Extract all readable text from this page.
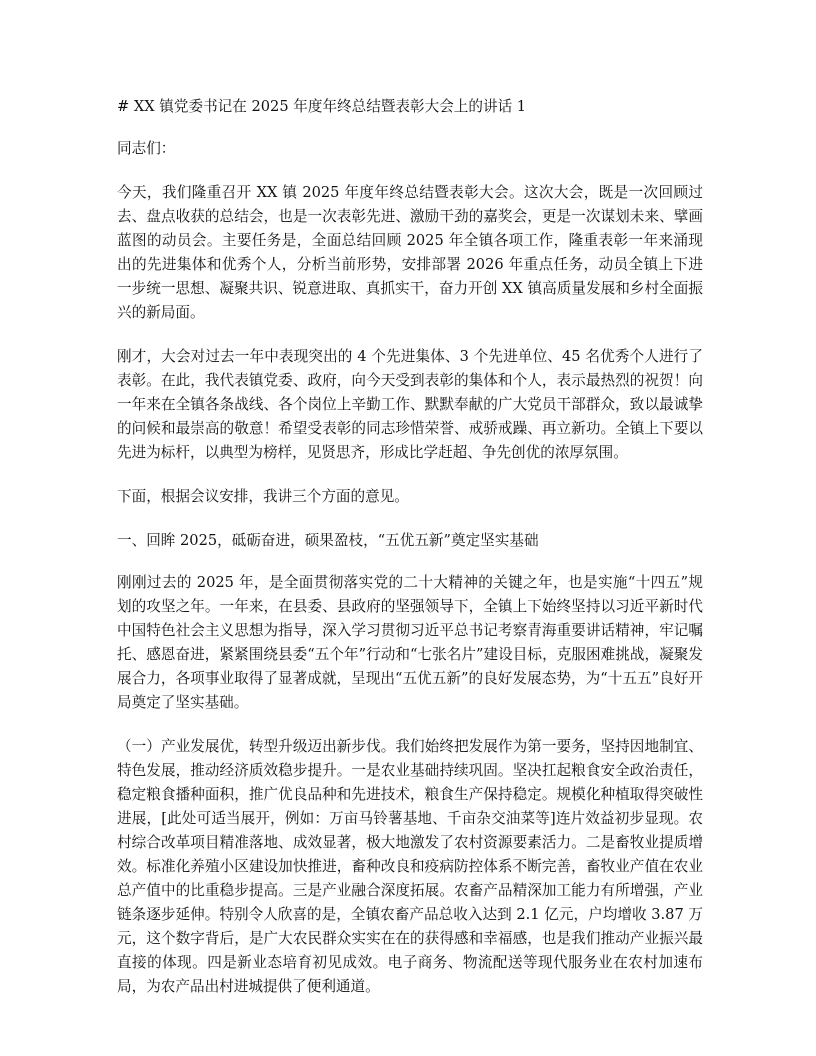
# XX 镇党委书记在 2025 年度年终总结暨表彰大会上的讲话 1

同志们：

今天，我们隆重召开 XX 镇 2025 年度年终总结暨表彰大会。这次大会，既是一次回顾过去、盘点收获的总结会，也是一次表彰先进、激励干劲的嘉奖会，更是一次谋划未来、擘画蓝图的动员会。主要任务是，全面总结回顾 2025 年全镇各项工作，隆重表彰一年来涌现出的先进集体和优秀个人，分析当前形势，安排部署 2026 年重点任务，动员全镇上下进一步统一思想、凝聚共识、锐意进取、真抓实干，奋力开创 XX 镇高质量发展和乡村全面振兴的新局面。

刚才，大会对过去一年中表现突出的 4 个先进集体、3 个先进单位、45 名优秀个人进行了表彰。在此，我代表镇党委、政府，向今天受到表彰的集体和个人，表示最热烈的祝贺！向一年来在全镇各条战线、各个岗位上辛勤工作、默默奉献的广大党员干部群众，致以最诚挚的问候和最崇高的敬意！希望受表彰的同志珍惜荣誉、戒骄戒躁、再立新功。全镇上下要以先进为标杆，以典型为榜样，见贤思齐，形成比学赶超、争先创优的浓厚氛围。

下面，根据会议安排，我讲三个方面的意见。

一、回眸 2025，砥砺奋进，硕果盈枝，“五优五新”奠定坚实基础

刚刚过去的 2025 年，是全面贯彻落实党的二十大精神的关键之年，也是实施“十四五”规划的攻坚之年。一年来，在县委、县政府的坚强领导下，全镇上下始终坚持以习近平新时代中国特色社会主义思想为指导，深入学习贯彻习近平总书记考察青海重要讲话精神，牢记嘱托、感恩奋进，紧紧围绕县委“五个年”行动和“七张名片”建设目标，克服困难挑战，凝聚发展合力，各项事业取得了显著成就，呈现出“五优五新”的良好发展态势，为“十五五”良好开局奠定了坚实基础。

（一）产业发展优，转型升级迈出新步伐。我们始终把发展作为第一要务，坚持因地制宜、特色发展，推动经济质效稳步提升。一是农业基础持续巩固。坚决扛起粮食安全政治责任，稳定粮食播种面积，推广优良品种和先进技术，粮食生产保持稳定。规模化种植取得突破性进展，[此处可适当展开，例如：万亩马铃薯基地、千亩杂交油菜等]连片效益初步显现。农村综合改革项目精准落地、成效显著，极大地激发了农村资源要素活力。二是畜牧业提质增效。标准化养殖小区建设加快推进，畜种改良和疫病防控体系不断完善，畜牧业产值在农业总产值中的比重稳步提高。三是产业融合深度拓展。农畜产品精深加工能力有所增强，产业链条逐步延伸。特别令人欣喜的是，全镇农畜产品总收入达到 2.1 亿元，户均增收 3.87 万元，这个数字背后，是广大农民群众实实在在的获得感和幸福感，也是我们推动产业振兴最直接的体现。四是新业态培育初见成效。电子商务、物流配送等现代服务业在农村加速布局，为农产品出村进城提供了便利通道。
